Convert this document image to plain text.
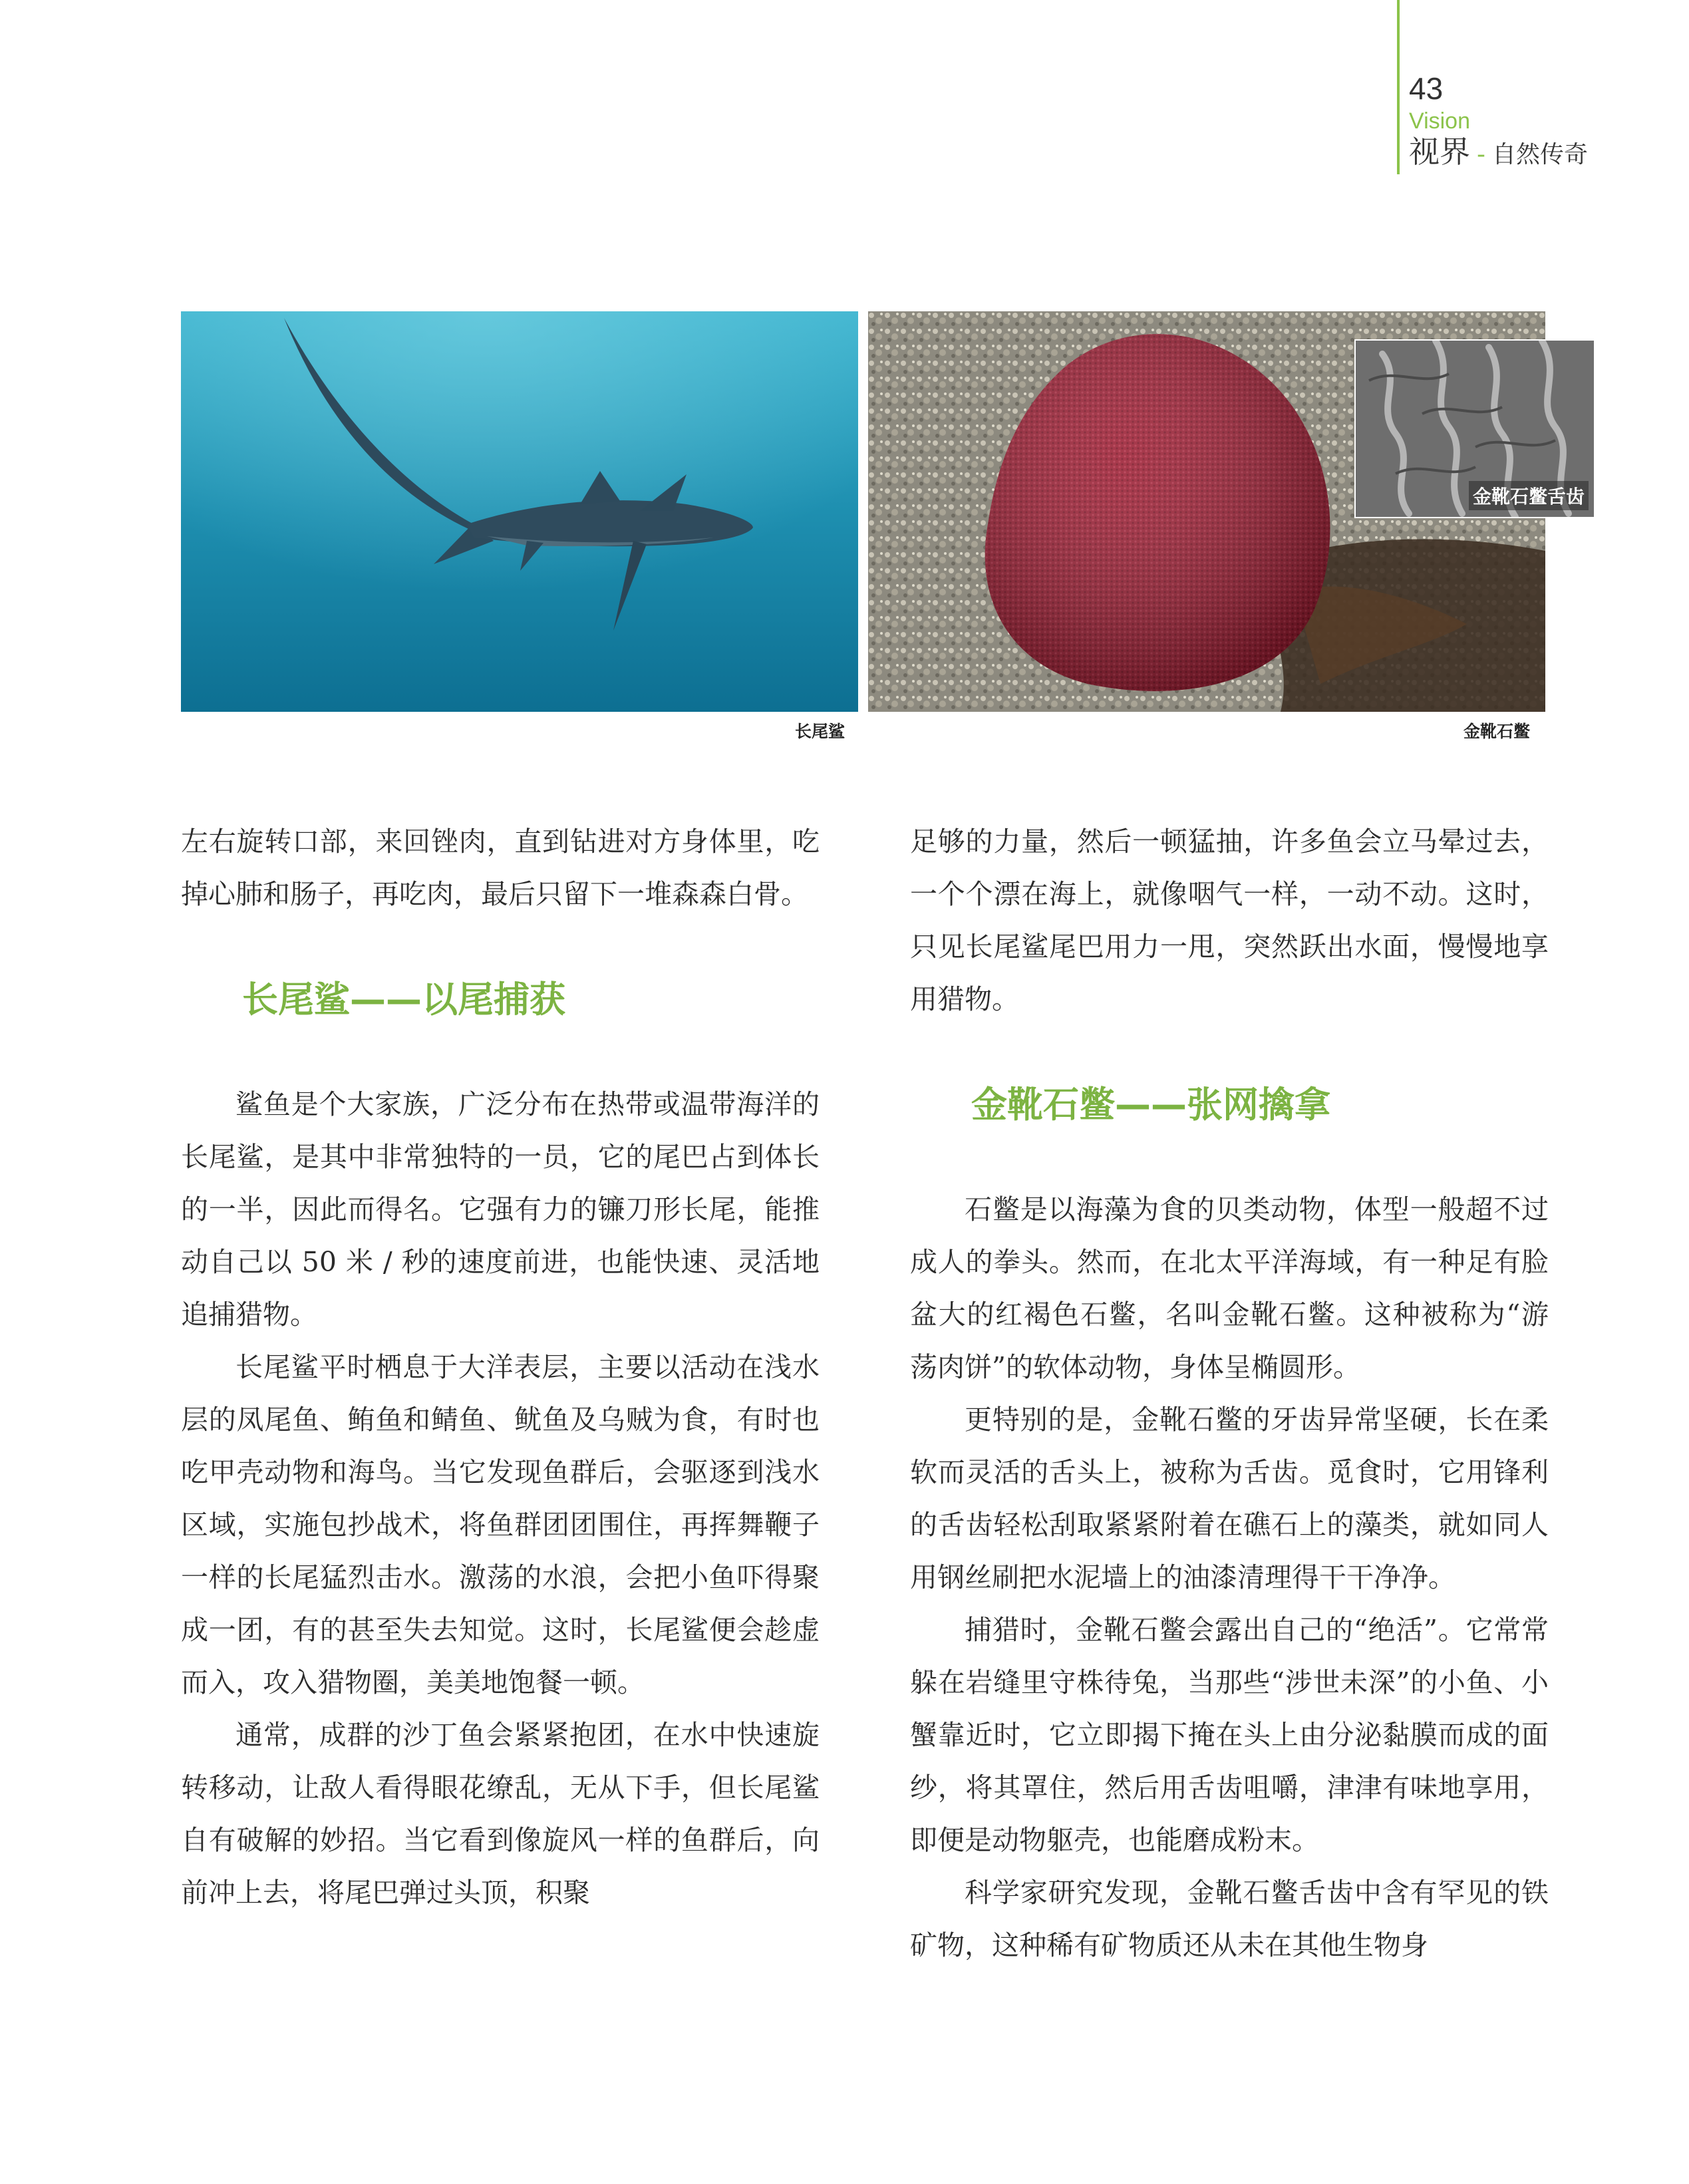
43
Vision
视界 - 自然传奇
长尾鲨
金靴石鳖舌齿
金靴石鳖

左右旋转口部，来回锉肉，直到钻进对方身体里，吃掉心肺和肠子，再吃肉，最后只留下一堆森森白骨。

长尾鲨——以尾捕获

鲨鱼是个大家族，广泛分布在热带或温带海洋的长尾鲨，是其中非常独特的一员，它的尾巴占到体长的一半，因此而得名。它强有力的镰刀形长尾，能推动自己以 50 米 / 秒的速度前进，也能快速、灵活地追捕猎物。

长尾鲨平时栖息于大洋表层，主要以活动在浅水层的凤尾鱼、鲔鱼和鲭鱼、鱿鱼及乌贼为食，有时也吃甲壳动物和海鸟。当它发现鱼群后，会驱逐到浅水区域，实施包抄战术，将鱼群团团围住，再挥舞鞭子一样的长尾猛烈击水。激荡的水浪，会把小鱼吓得聚成一团，有的甚至失去知觉。这时，长尾鲨便会趁虚而入，攻入猎物圈，美美地饱餐一顿。

通常，成群的沙丁鱼会紧紧抱团，在水中快速旋转移动，让敌人看得眼花缭乱，无从下手，但长尾鲨自有破解的妙招。当它看到像旋风一样的鱼群后，向前冲上去，将尾巴弹过头顶，积聚

足够的力量，然后一顿猛抽，许多鱼会立马晕过去，一个个漂在海上，就像咽气一样，一动不动。这时，只见长尾鲨尾巴用力一甩，突然跃出水面，慢慢地享用猎物。

金靴石鳖——张网擒拿

石鳖是以海藻为食的贝类动物，体型一般超不过成人的拳头。然而，在北太平洋海域，有一种足有脸盆大的红褐色石鳖，名叫金靴石鳖。这种被称为“游荡肉饼”的软体动物，身体呈椭圆形。

更特别的是，金靴石鳖的牙齿异常坚硬，长在柔软而灵活的舌头上，被称为舌齿。觅食时，它用锋利的舌齿轻松刮取紧紧附着在礁石上的藻类，就如同人用钢丝刷把水泥墙上的油漆清理得干干净净。

捕猎时，金靴石鳖会露出自己的“绝活”。它常常躲在岩缝里守株待兔，当那些“涉世未深”的小鱼、小蟹靠近时，它立即揭下掩在头上由分泌黏膜而成的面纱，将其罩住，然后用舌齿咀嚼，津津有味地享用，即便是动物躯壳，也能磨成粉末。

科学家研究发现，金靴石鳖舌齿中含有罕见的铁矿物，这种稀有矿物质还从未在其他生物身
